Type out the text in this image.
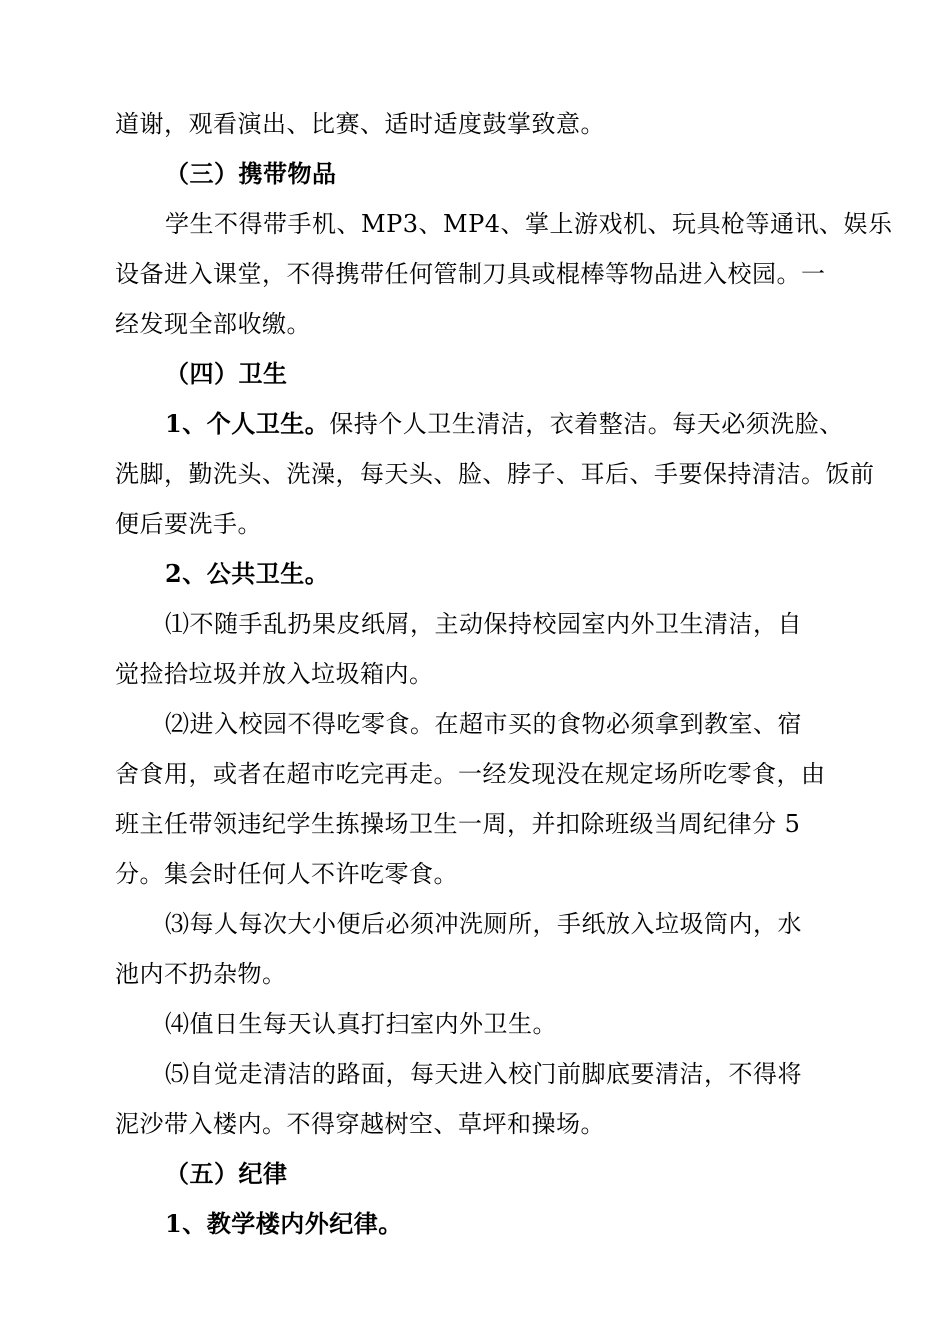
道谢，观看演出、比赛、适时适度鼓掌致意。
（三）携带物品
学生不得带手机、MP3、MP4、掌上游戏机、玩具枪等通讯、娱乐
设备进入课堂，不得携带任何管制刀具或棍棒等物品进入校园。一
经发现全部收缴。
（四）卫生
1、个人卫生。保持个人卫生清洁，衣着整洁。每天必须洗脸、
洗脚，勤洗头、洗澡，每天头、脸、脖子、耳后、手要保持清洁。饭前
便后要洗手。
2、公共卫生。
⑴不随手乱扔果皮纸屑，主动保持校园室内外卫生清洁，自
觉捡拾垃圾并放入垃圾箱内。
⑵进入校园不得吃零食。在超市买的食物必须拿到教室、宿
舍食用，或者在超市吃完再走。一经发现没在规定场所吃零食，由
班主任带领违纪学生拣操场卫生一周，并扣除班级当周纪律分 5
分。集会时任何人不许吃零食。
⑶每人每次大小便后必须冲洗厕所，手纸放入垃圾筒内，水
池内不扔杂物。
⑷值日生每天认真打扫室内外卫生。
⑸自觉走清洁的路面，每天进入校门前脚底要清洁，不得将
泥沙带入楼内。不得穿越树空、草坪和操场。
（五）纪律
1、教学楼内外纪律。
